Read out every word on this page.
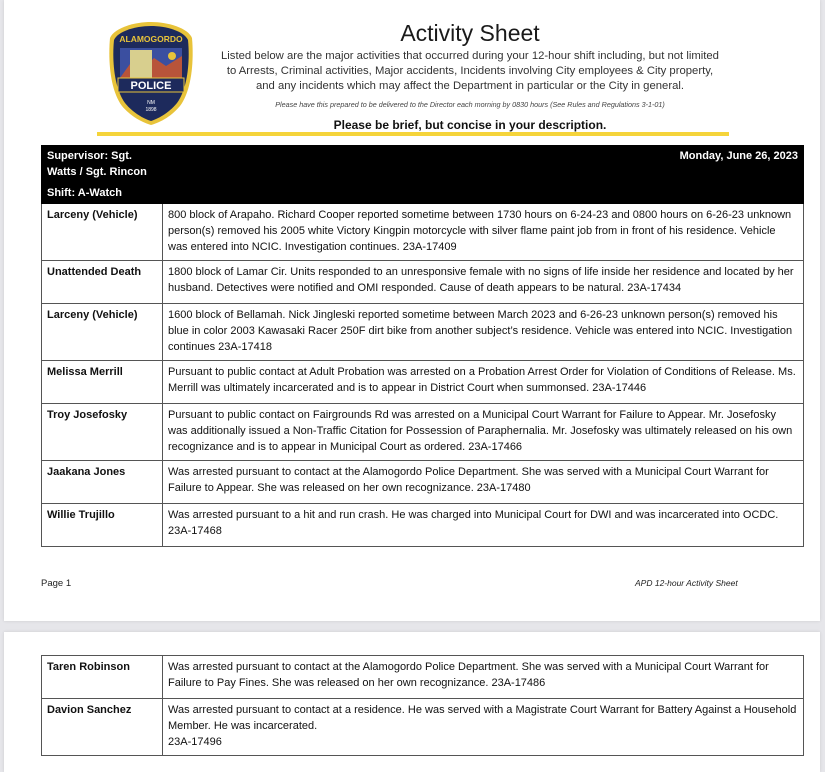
ALAMOGORDO
POLICE
NM
1898
Activity Sheet
Listed below are the major activities that occurred during your 12-hour shift including, but not limited to Arrests, Criminal activities, Major accidents, Incidents involving City employees & City property, and any incidents which may affect the Department in particular or the City in general.
Please have this prepared to be delivered to the Director each morning by 0830 hours (See Rules and Regulations 3-1-01)
Please be brief, but concise in your description.
Supervisor: Sgt. Watts / Sgt. Rincon	Monday, June 26, 2023
Shift: A-Watch	
Larceny (Vehicle)	800 block of Arapaho. Richard Cooper reported sometime between 1730 hours on 6-24-23 and 0800 hours on 6-26-23 unknown person(s) removed his 2005 white Victory Kingpin motorcycle with silver flame paint job from in front of his residence. Vehicle was entered into NCIC. Investigation continues. 23A-17409
Unattended Death	1800 block of Lamar Cir. Units responded to an unresponsive female with no signs of life inside her residence and located by her husband. Detectives were notified and OMI responded. Cause of death appears to be natural. 23A-17434
Larceny (Vehicle)	1600 block of Bellamah. Nick Jingleski reported sometime between March 2023 and 6-26-23 unknown person(s) removed his blue in color 2003 Kawasaki Racer 250F dirt bike from another subject’s residence. Vehicle was entered into NCIC. Investigation continues 23A-17418
Melissa Merrill	Pursuant to public contact at Adult Probation was arrested on a Probation Arrest Order for Violation of Conditions of Release. Ms. Merrill was ultimately incarcerated and is to appear in District Court when summonsed. 23A-17446
Troy Josefosky	Pursuant to public contact on Fairgrounds Rd was arrested on a Municipal Court Warrant for Failure to Appear. Mr. Josefosky was additionally issued a Non-Traffic Citation for Possession of Paraphernalia. Mr. Josefosky was ultimately released on his own recognizance and is to appear in Municipal Court as ordered. 23A-17466
Jaakana Jones	Was arrested pursuant to contact at the Alamogordo Police Department. She was served with a Municipal Court Warrant for Failure to Appear. She was released on her own recognizance. 23A-17480
Willie Trujillo	Was arrested pursuant to a hit and run crash. He was charged into Municipal Court for DWI and was incarcerated into OCDC.
23A-17468
Page 1	APD 12-hour Activity Sheet
Taren Robinson	Was arrested pursuant to contact at the Alamogordo Police Department. She was served with a Municipal Court Warrant for Failure to Pay Fines. She was released on her own recognizance. 23A-17486
Davion Sanchez	Was arrested pursuant to contact at a residence. He was served with a Magistrate Court Warrant for Battery Against a Household Member. He was incarcerated.
23A-17496
